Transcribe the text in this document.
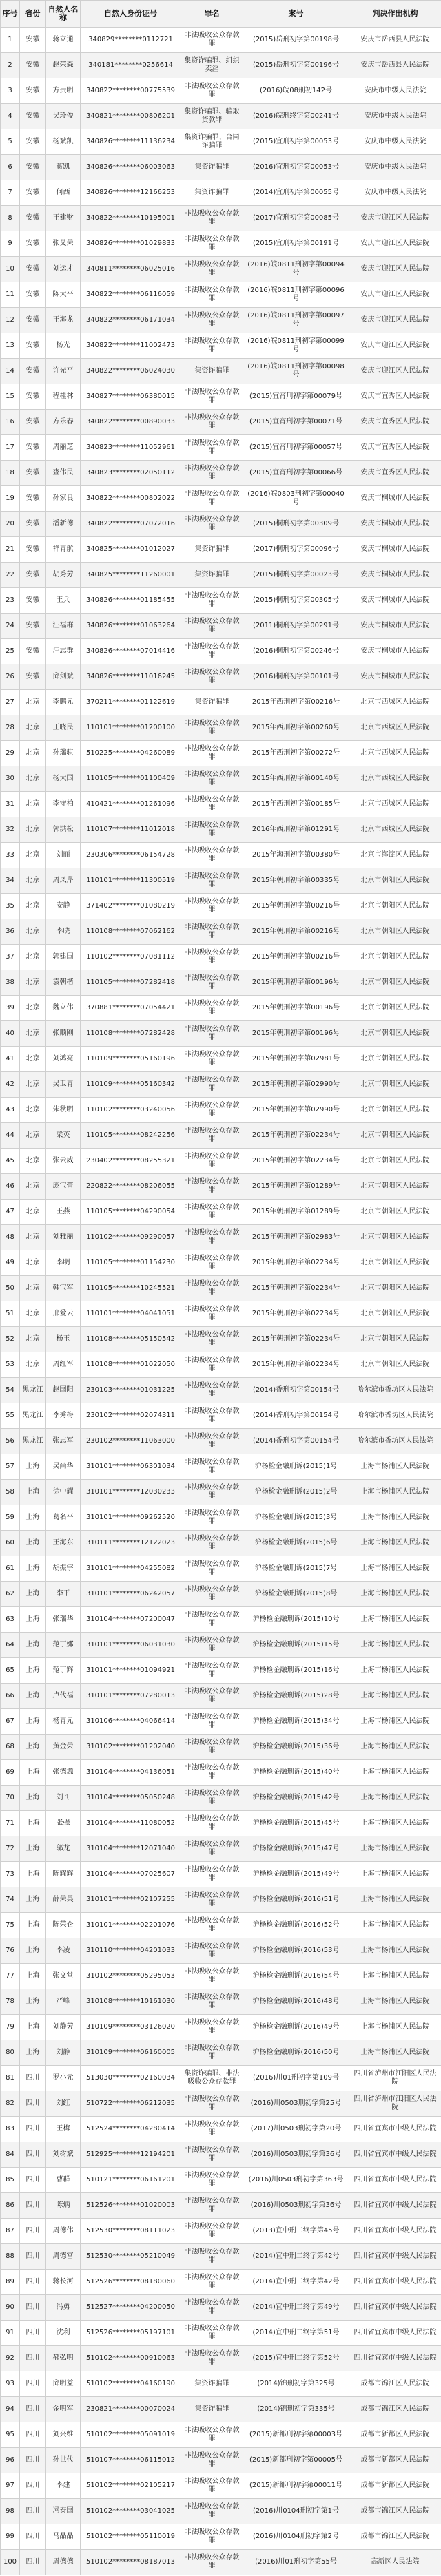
序号	省份	自然人名称	自然人身份证号	罪名	案号	判决作出机构
1	安徽	蒋立通	340829********0112721	非法吸收公众存款罪	(2015)岳刑初字第00198号	安庆市岳西县人民法院
2	安徽	赵荣森	340181********0256614	集资诈骗罪、组织卖淫	(2015)岳刑初字第00196号	安庆市岳西县人民法院
3	安徽	方贵明	340822********00775539	非法吸收公众存款罪	(2016)皖08刑初142号	安庆市中级人民法院
4	安徽	吴玲俊	340821********00806201	集资诈骗罪、骗取贷款罪	(2016)皖刑终字第00241号	安庆市中级人民法院
5	安徽	杨斌凯	340826********11136234	集资诈骗罪、合同诈骗罪	(2015)宜刑初字第00053号	安庆市中级人民法院
6	安徽	蒋凯	340826********06003063	集资诈骗罪	(2016)宜刑初字第00053号	安庆市中级人民法院
7	安徽	何西	340826********12166253	集资诈骗罪	(2014)宜刑初字第00055号	安庆市中级人民法院
8	安徽	王建财	340822********10195001	非法吸收公众存款罪	(2017)宜刑初字第00085号	安庆市迎江区人民法院
9	安徽	张艾荣	340826********01029833	非法吸收公众存款罪	(2015)宜刑初字第00191号	安庆市迎江区人民法院
10	安徽	刘运才	340811********06025016	非法吸收公众存款罪	(2016)皖0811刑初字第00094号	安庆市迎江区人民法院
11	安徽	陈大平	340822********06116059	非法吸收公众存款罪	(2016)皖0811刑初字第00096号	安庆市迎江区人民法院
12	安徽	王海龙	340822********06171034	非法吸收公众存款罪	(2016)皖0811刑初字第00097号	安庆市迎江区人民法院
13	安徽	杨光	340822********11002473	非法吸收公众存款罪	(2016)皖0811刑初字第00099号	安庆市迎江区人民法院
14	安徽	许光平	340822********06024030	集资诈骗罪	(2016)皖0811刑初字第00098号	安庆市迎江区人民法院
15	安徽	程桂林	340827********06380015	非法吸收公众存款罪	(2015)宜宵刑初字第00079号	安庆市宜秀区人民法院
16	安徽	方乐春	340822********00890033	非法吸收公众存款罪	(2015)宜宵刑初字第00071号	安庆市宜秀区人民法院
17	安徽	周丽芝	340823********11052961	非法吸收公众存款罪	(2015)宜宵刑初字第00057号	安庆市宜秀区人民法院
18	安徽	查伟民	340823********02050112	非法吸收公众存款罪	(2015)宜宵刑初字第00066号	安庆市宜秀区人民法院
19	安徽	孙家良	340822********00802022	非法吸收公众存款罪	(2016)皖0803刑初字第00040号	安庆市桐城市人民法院
20	安徽	潘新德	340822********07072016	非法吸收公众存款罪	(2015)桐刑初字第00309号	安庆市桐城市人民法院
21	安徽	祥青航	340825********01012027	集资诈骗罪	(2017)桐刑初字第00096号	安庆市桐城市人民法院
22	安徽	胡秀芳	340825********11260001	集资诈骗罪	(2015)桐刑初字第00023号	安庆市桐城市人民法院
23	安徽	王兵	340826********01185455	非法吸收公众存款罪	(2015)桐刑初字第00305号	安庆市桐城市人民法院
24	安徽	汪福群	340826********01063264	非法吸收公众存款罪	(2011)桐刑初字第00291号	安庆市桐城市人民法院
25	安徽	汪志群	340826********07014416	非法吸收公众存款罪	(2016)桐刑初字第00246号	安庆市桐城市人民法院
26	安徽	邱剑斌	340826********11016245	非法吸收公众存款罪	(2016)桐刑初字第00101号	安庆市桐城市人民法院
27	北京	李鹏元	370211********01122619	集资诈骗罪	2015年西刑初字第00216号	北京市西城区人民法院
28	北京	王晓民	110101********01200100	非法吸收公众存款罪	2015年西刑初字第00260号	北京市西城区人民法院
29	北京	孙瑞骐	510225********04260089	非法吸收公众存款罪	2015年西刑初字第00272号	北京市西城区人民法院
30	北京	杨大国	110105********01100409	非法吸收公众存款罪	2015年西刑初字第00140号	北京市西城区人民法院
31	北京	李守柏	410421********01261096	非法吸收公众存款罪	2015年西刑初字第00185号	北京市西城区人民法院
32	北京	郭洪松	110107********11012018	非法吸收公众存款罪	2016年西刑初字第01291号	北京市西城区人民法院
33	北京	刘丽	230306********06154728	非法吸收公众存款罪	2015年海刑初字第00380号	北京市海淀区人民法院
34	北京	周凤芹	110101********11300519	非法吸收公众存款罪	2015年朝刑初字第00335号	北京市朝阳区人民法院
35	北京	安静	371402********01080219	非法吸收公众存款罪	2015年朝刑初字第00216号	北京市朝阳区人民法院
36	北京	李晓	110108********07062162	非法吸收公众存款罪	2015年朝刑初字第00216号	北京市朝阳区人民法院
37	北京	郭建国	110102********07081112	非法吸收公众存款罪	2015年朝刑初字第00216号	北京市朝阳区人民法院
38	北京	袁朝楷	110105********07282418	非法吸收公众存款罪	2015年朝刑初字第00196号	北京市朝阳区人民法院
39	北京	魏立伟	370881********07054421	非法吸收公众存款罪	2015年朝刑初字第00196号	北京市朝阳区人民法院
40	北京	张顺刚	110108********07282428	非法吸收公众存款罪	2015年朝刑初字第00196号	北京市朝阳区人民法院
41	北京	刘鸿亮	110109********05160196	非法吸收公众存款罪	2015年朝刑初字第02981号	北京市朝阳区人民法院
42	北京	吴卫青	110109********05160342	非法吸收公众存款罪	2015年朝刑初字第02990号	北京市朝阳区人民法院
43	北京	朱秋明	110102********03240056	非法吸收公众存款罪	2015年朝刑初字第02990号	北京市朝阳区人民法院
44	北京	梁英	110105********08242256	非法吸收公众存款罪	2015年朝刑初字第02234号	北京市朝阳区人民法院
45	北京	张云威	230402********08255321	非法吸收公众存款罪	2015年朝刑初字第02234号	北京市朝阳区人民法院
46	北京	庞宝蕾	220822********08206055	非法吸收公众存款罪	2015年朝刑初字第01289号	北京市朝阳区人民法院
47	北京	王燕	110105********04290054	非法吸收公众存款罪	2015年朝刑初字第01289号	北京市朝阳区人民法院
48	北京	刘雅丽	110102********09290057	非法吸收公众存款罪	2015年朝刑初字第02983号	北京市朝阳区人民法院
49	北京	李明	110105********01154230	非法吸收公众存款罪	2015年朝刑初字第02234号	北京市朝阳区人民法院
50	北京	韩宝军	110105********10245521	非法吸收公众存款罪	2015年朝刑初字第02234号	北京市朝阳区人民法院
51	北京	邢爱云	110101********04041051	非法吸收公众存款罪	2015年朝刑初字第02234号	北京市朝阳区人民法院
52	北京	杨玉	110108********05150542	非法吸收公众存款罪	2015年朝刑初字第02234号	北京市朝阳区人民法院
53	北京	周红军	110108********01022050	非法吸收公众存款罪	2015年朝刑初字第02234号	北京市朝阳区人民法院
54	黑龙江	赵国阳	230103********01031225	非法吸收公众存款罪	(2014)香刑初字第00154号	哈尔滨市香坊区人民法院
55	黑龙江	李秀梅	230102********02074311	非法吸收公众存款罪	(2014)香刑初字第00154号	哈尔滨市香坊区人民法院
56	黑龙江	张志军	230102********11063000	非法吸收公众存款罪	(2014)香刑初字第00154号	哈尔滨市香坊区人民法院
57	上海	吴尚华	310101********06301034	非法吸收公众存款罪	沪杨检金融刑诉(2015)1号	上海市杨浦区人民法院
58	上海	徐中耀	310101********12030233	非法吸收公众存款罪	沪杨检金融刑诉(2015)2号	上海市杨浦区人民法院
59	上海	葛名平	310101********09262520	非法吸收公众存款罪	沪杨检金融刑诉(2015)3号	上海市杨浦区人民法院
60	上海	王海东	310111********12122023	非法吸收公众存款罪	沪杨检金融刑诉(2015)6号	上海市杨浦区人民法院
61	上海	胡振宇	310101********04255082	非法吸收公众存款罪	沪杨检金融刑诉(2015)7号	上海市杨浦区人民法院
62	上海	李平	310101********06242057	非法吸收公众存款罪	沪杨检金融刑诉(2015)8号	上海市杨浦区人民法院
63	上海	张瑞华	310104********07200047	非法吸收公众存款罪	沪杨检金融刑诉(2015)10号	上海市杨浦区人民法院
64	上海	范丁娜	310101********06031030	非法吸收公众存款罪	沪杨检金融刑诉(2015)15号	上海市杨浦区人民法院
65	上海	范丁辉	310101********01094921	非法吸收公众存款罪	沪杨检金融刑诉(2015)16号	上海市杨浦区人民法院
66	上海	卢代福	310101********07280013	非法吸收公众存款罪	沪杨检金融刑诉(2015)28号	上海市杨浦区人民法院
67	上海	杨青元	310106********04066414	非法吸收公众存款罪	沪杨检金融刑诉(2015)34号	上海市杨浦区人民法院
68	上海	黄金荣	310102********01202040	非法吸收公众存款罪	沪杨检金融刑诉(2015)36号	上海市杨浦区人民法院
69	上海	张德源	310104********04136051	非法吸收公众存款罪	沪杨检金融刑诉(2015)40号	上海市杨浦区人民法院
70	上海	刘ㄟ	310104********05050248	非法吸收公众存款罪	沪杨检金融刑诉(2015)42号	上海市杨浦区人民法院
71	上海	张强	310104********11080052	非法吸收公众存款罪	沪杨检金融刑诉(2015)45号	上海市杨浦区人民法院
72	上海	邬龙	310104********12071040	非法吸收公众存款罪	沪杨检金融刑诉(2015)47号	上海市杨浦区人民法院
73	上海	陈耀辉	310104********07025607	非法吸收公众存款罪	沪杨检金融刑诉(2015)49号	上海市杨浦区人民法院
74	上海	薛荣英	310101********02107255	非法吸收公众存款罪	沪杨检金融刑诉(2016)51号	上海市杨浦区人民法院
75	上海	陈荣仑	310101********02201076	非法吸收公众存款罪	沪杨检金融刑诉(2016)52号	上海市杨浦区人民法院
76	上海	李凌	310110********04201033	非法吸收公众存款罪	沪杨检金融刑诉(2016)53号	上海市杨浦区人民法院
77	上海	张文堂	310102********05295053	非法吸收公众存款罪	沪杨检金融刑诉(2016)54号	上海市杨浦区人民法院
78	上海	严峰	310108********10161030	非法吸收公众存款罪	沪杨检金融刑诉(2016)48号	上海市杨浦区人民法院
79	上海	刘静芳	310109********03126020	非法吸收公众存款罪	沪杨检金融刑诉(2016)49号	上海市杨浦区人民法院
80	上海	刘静	310109********06160005	非法吸收公众存款罪	沪杨检金融刑诉(2016)50号	上海市杨浦区人民法院
81	四川	罗小元	513030********02160034	集资诈骗罪、非法吸收公众存款罪	(2016)川01刑初字第109号	四川省泸州市江阳区人民法院
82	四川	刘红	510722********06212035	非法吸收公众存款罪	(2016)川0503刑初字第25号	四川省泸州市江阳区人民法院
83	四川	王梅	512524********04280414	非法吸收公众存款罪	(2017)川0503刑初字第20号	四川省宜宾市中级人民法院
84	四川	刘树斌	512925********12194201	非法吸收公众存款罪	(2016)川0503刑初字第36号	四川省宜宾市中级人民法院
85	四川	曹群	510121********06161201	非法吸收公众存款罪	(2016)川0503刑初字第363号	四川省宜宾市中级人民法院
86	四川	陈炳	512526********01020003	非法吸收公众存款罪	(2016)川0503刑初字第36号	四川省宜宾市中级人民法院
87	四川	周德伟	512530********08111023	非法吸收公众存款罪	(2013)宜中刑二终字第45号	四川省宜宾市中级人民法院
88	四川	周德富	512530********05210049	非法吸收公众存款罪	(2014)宜中刑二终字第42号	四川省宜宾市中级人民法院
89	四川	蒋长河	512526********08180060	非法吸收公众存款罪	(2014)宜中刑二终字第42号	四川省宜宾市中级人民法院
90	四川	冯勇	512527********04200050	非法吸收公众存款罪	(2014)宜中刑二终字第49号	四川省宜宾市中级人民法院
91	四川	沈利	512526********05197101	非法吸收公众存款罪	(2014)宜中刑二终字第51号	四川省宜宾市中级人民法院
92	四川	郝弘明	510102********00910063	非法吸收公众存款罪	(2015)宜中刑二终字第52号	四川省宜宾市中级人民法院
93	四川	邱明益	510102********04160190	集资诈骗罪	(2014)锦刑初字第325号	成都市锦江区人民法院
94	四川	金明军	230821********00070024	集资诈骗罪	(2014)锦刑初字第335号	成都市锦江区人民法院
95	四川	刘兴维	510102********05091019	非法吸收公众存款罪	(2015)新都刑初字第00003号	成都市新都区人民法院
96	四川	孙世代	510107********06115012	非法吸收公众存款罪	(2015)新都刑初字第00005号	成都市新都区人民法院
97	四川	李建	510102********02105217	非法吸收公众存款罪	(2015)新都刑初字第00011号	成都市新都区人民法院
98	四川	冯泰国	510102********03041025	非法吸收公众存款罪	(2016)川0104刑初字第1号	成都市锦江区人民法院
99	四川	马晶晶	510102********05110019	非法吸收公众存款罪	(2016)川0104刑初字第2号	成都市锦江区人民法院
100	四川	周德德	510102********08187013	非法吸收公众存款罪	(2016)川01刑初字第55号	高新区人民法院
